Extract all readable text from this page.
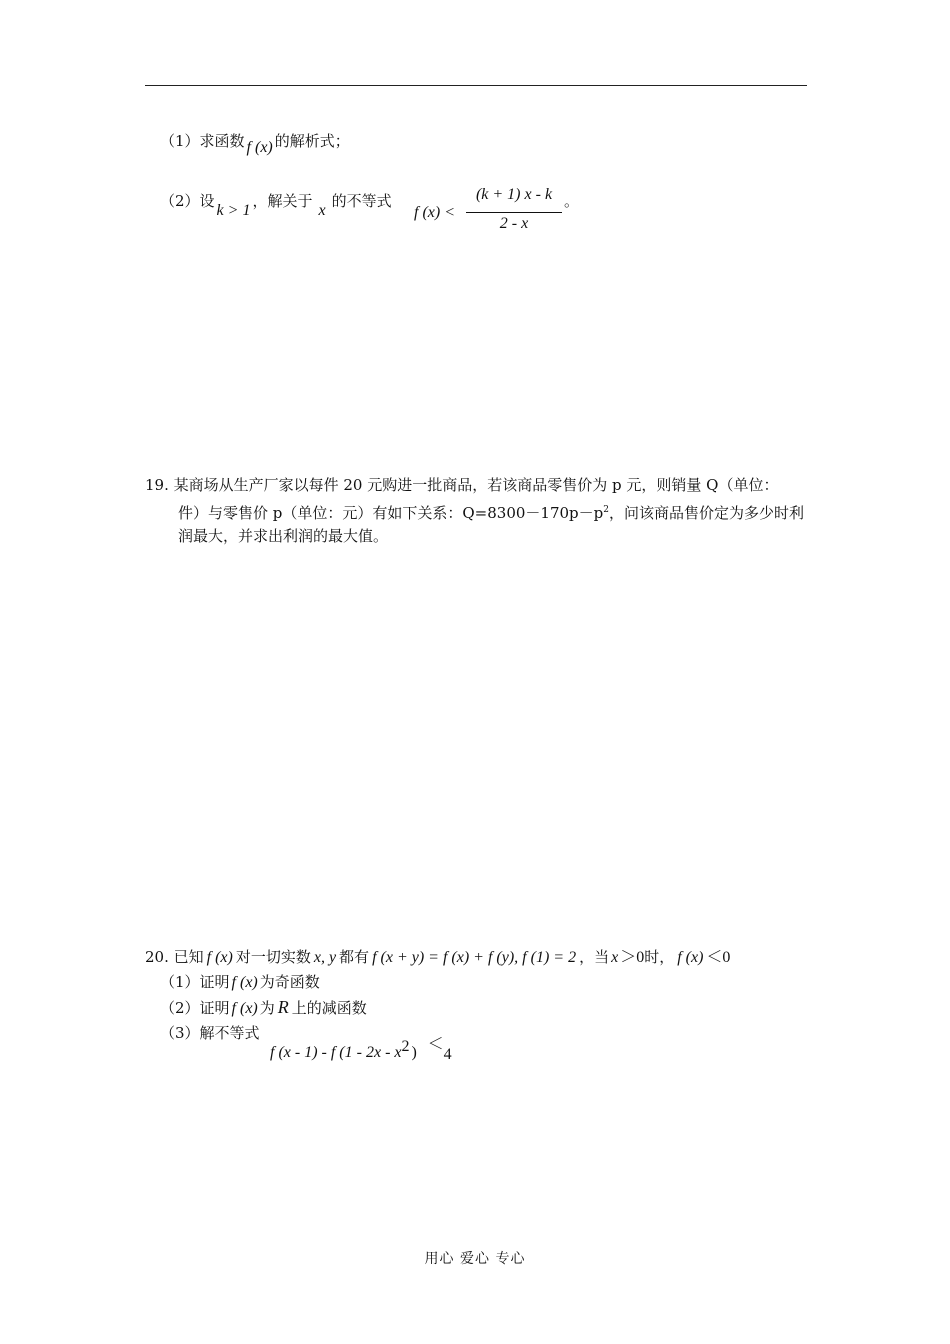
（1）求函数 f (x) 的解析式；
（2）设k > 1，解关于x的不等式
f (x) <
(k + 1) x - k
2 - x
。
19. 某商场从生产厂家以每件 20 元购进一批商品，若该商品零售价为 p 元，则销量 Q（单位：
件）与零售价 p（单位：元）有如下关系：$Q=8300-170p-p^2$，问该商品售价定为多少时利
润最大，并求出利润的最大值。
20. 已知 f (x) 对一切实数 x, y 都有 f (x + y) = f (x) + f (y), f (1) = 2 ，当 x ＞0时， f (x) ＜0
（1）证明 f (x) 为奇函数
（2）证明 f (x) 为 R 上的减函数
（3）解不等式
f (x - 1) - f ($1 - 2x - x^2$ ) ＜4
用心 爱心 专心
